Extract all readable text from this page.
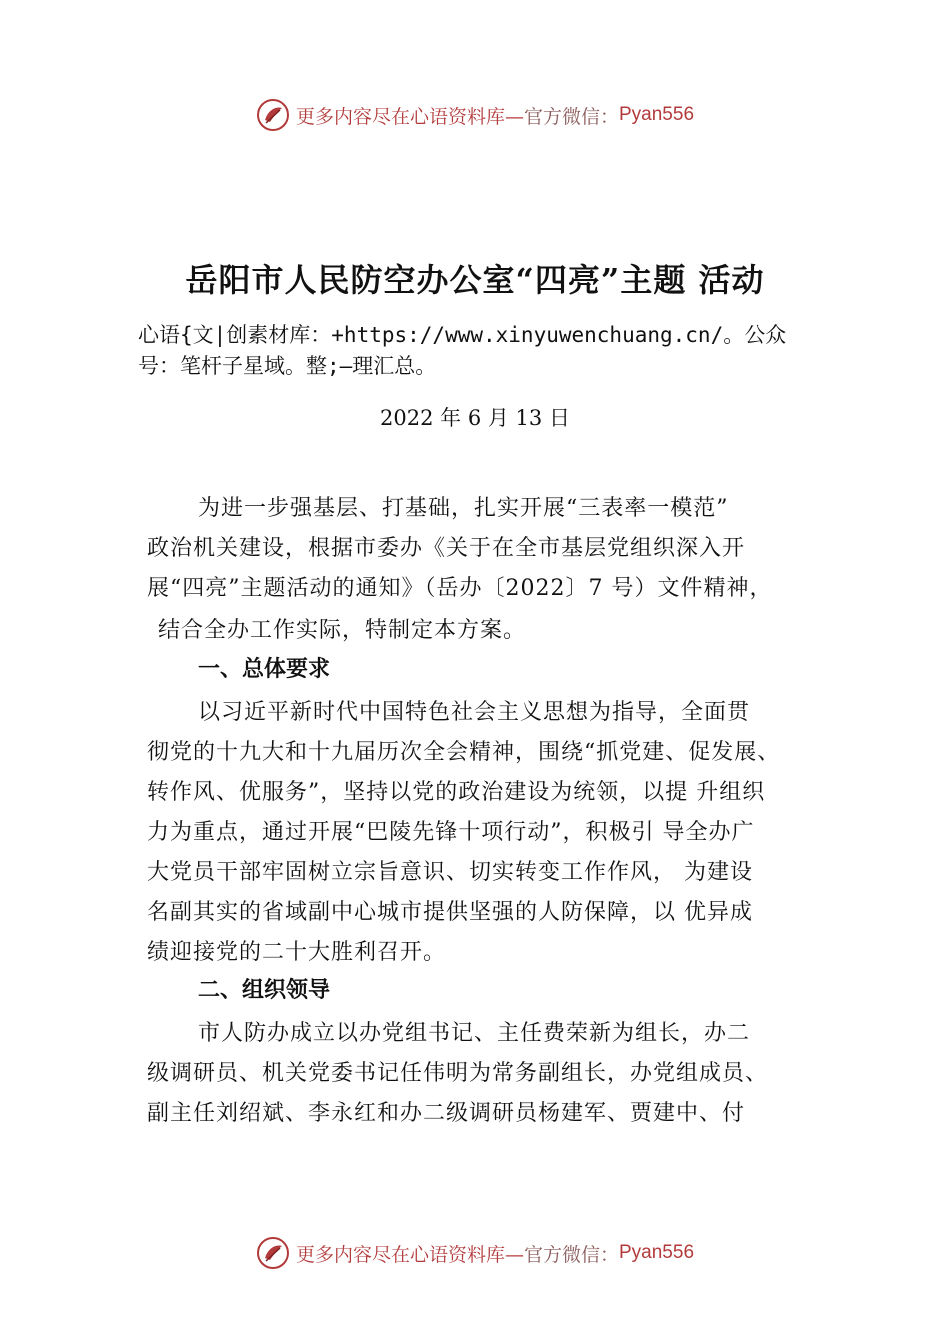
更多内容尽在心语资料库— 官方微信： Pyan556
岳阳市人民防空办公室“四亮”主题 活动
心语{文|创素材库：+https://www.xinyuwenchuang.cn/。公众
号：笔杆子星域。整;—理汇总。
2022 年 6 月 13 日
为进一步强基层、打基础，扎实开展“三表率一模范”
政治机关建设，根据市委办《关于在全市基层党组织深入开
展“四亮”主题活动的通知》（岳办〔2022〕7 号）文件精神，
结合全办工作实际，特制定本方案。
一、总体要求
以习近平新时代中国特色社会主义思想为指导，全面贯
彻党的十九大和十九届历次全会精神，围绕“抓党建、促发展、
转作风、优服务”，坚持以党的政治建设为统领，以提 升组织
力为重点，通过开展“巴陵先锋十项行动”，积极引 导全办广
大党员干部牢固树立宗旨意识、切实转变工作作风， 为建设
名副其实的省域副中心城市提供坚强的人防保障，以 优异成
绩迎接党的二十大胜利召开。
二、组织领导
市人防办成立以办党组书记、主任费荣新为组长，办二
级调研员、机关党委书记任伟明为常务副组长，办党组成员、
副主任刘绍斌、李永红和办二级调研员杨建军、贾建中、付
更多内容尽在心语资料库— 官方微信： Pyan556
